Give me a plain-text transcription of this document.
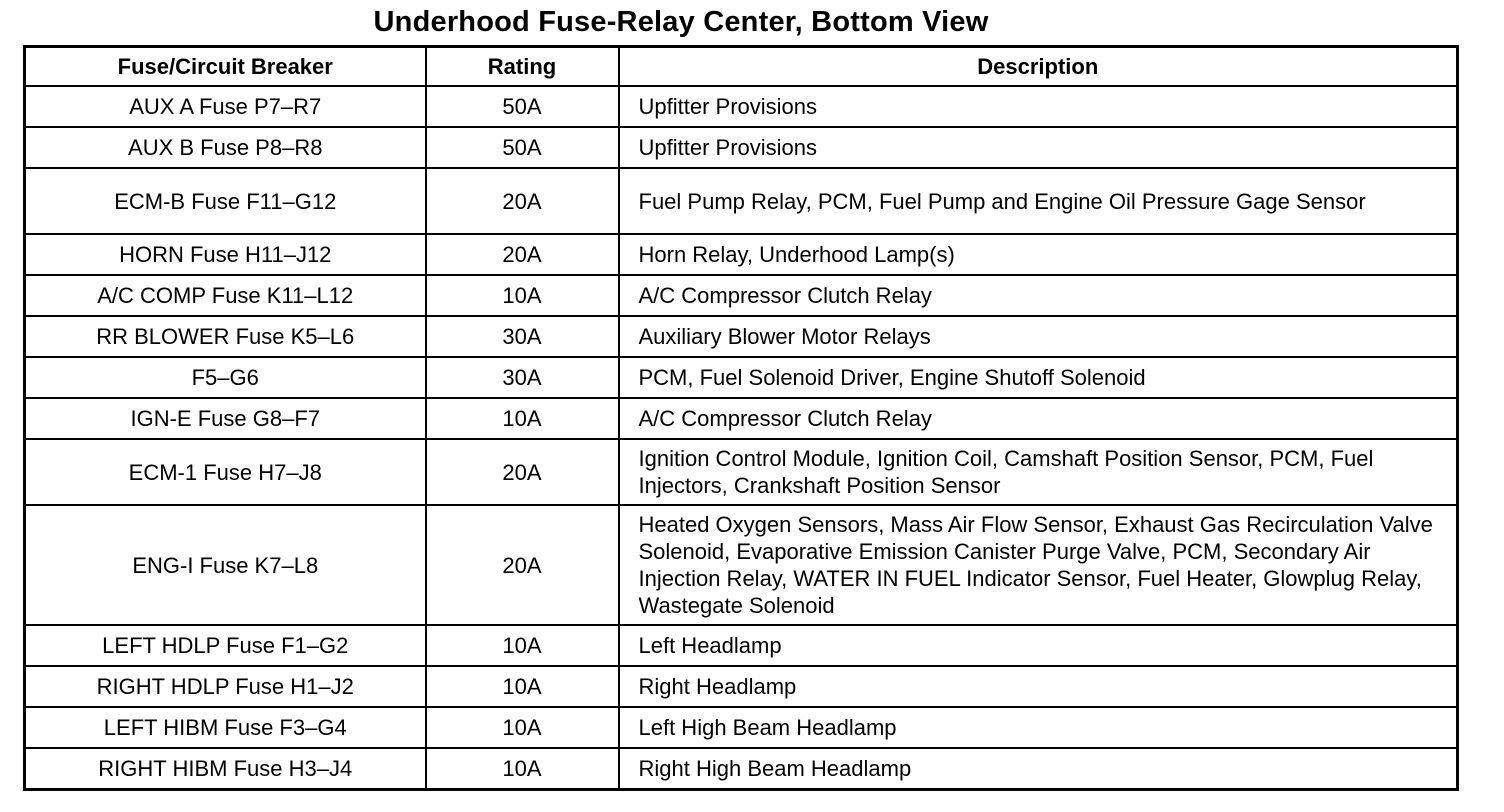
Underhood Fuse-Relay Center, Bottom View
Fuse/Circuit Breaker	Rating	Description
AUX A Fuse P7–R7	50A	Upfitter Provisions
AUX B Fuse P8–R8	50A	Upfitter Provisions
ECM-B Fuse F11–G12	20A	Fuel Pump Relay, PCM, Fuel Pump and Engine Oil Pressure Gage Sensor
HORN Fuse H11–J12	20A	Horn Relay, Underhood Lamp(s)
A/C COMP Fuse K11–L12	10A	A/C Compressor Clutch Relay
RR BLOWER Fuse K5–L6	30A	Auxiliary Blower Motor Relays
F5–G6	30A	PCM, Fuel Solenoid Driver, Engine Shutoff Solenoid
IGN-E Fuse G8–F7	10A	A/C Compressor Clutch Relay
ECM-1 Fuse H7–J8	20A	Ignition Control Module, Ignition Coil, Camshaft Position Sensor, PCM, Fuel Injectors, Crankshaft Position Sensor
ENG-I Fuse K7–L8	20A	Heated Oxygen Sensors, Mass Air Flow Sensor, Exhaust Gas Recirculation Valve Solenoid, Evaporative Emission Canister Purge Valve, PCM, Secondary Air Injection Relay, WATER IN FUEL Indicator Sensor, Fuel Heater, Glowplug Relay, Wastegate Solenoid
LEFT HDLP Fuse F1–G2	10A	Left Headlamp
RIGHT HDLP Fuse H1–J2	10A	Right Headlamp
LEFT HIBM Fuse F3–G4	10A	Left High Beam Headlamp
RIGHT HIBM Fuse H3–J4	10A	Right High Beam Headlamp
